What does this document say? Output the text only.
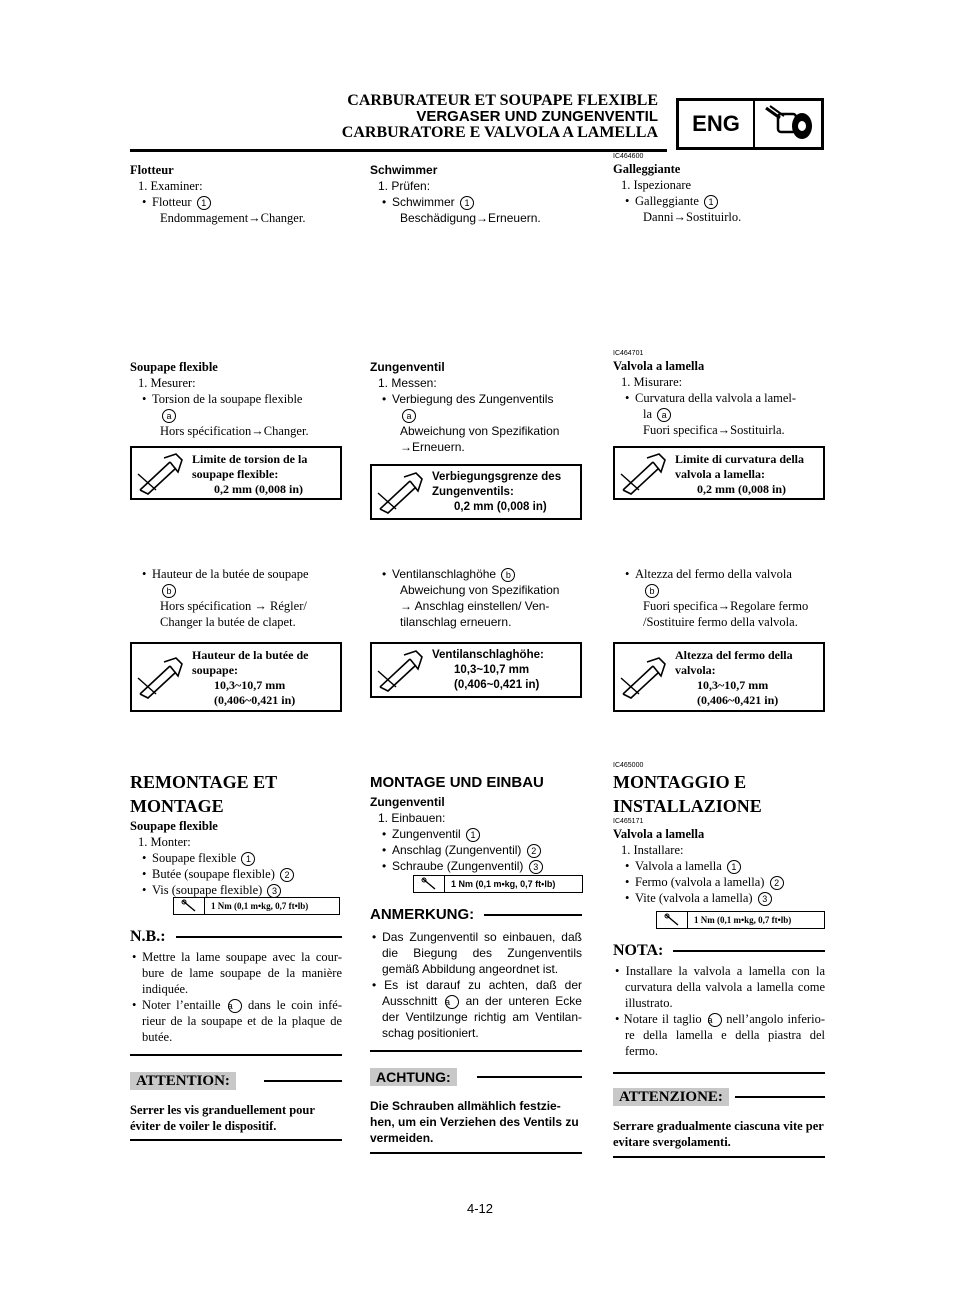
CARBURATEUR ET SOUPAPE FLEXIBLE
VERGASER UND ZUNGENVENTIL
CARBURATORE E VALVOLA A LAMELLA	ENG
Flotteur
1. Examiner:
• Flotteur 1
Endommagement→Changer.
Soupape flexible
1. Mesurer:
• Torsion de la soupape flexible
a
Hors spécification→Changer.
Limite de torsion de la
soupape flexible:
0,2 mm (0,008 in)
• Hauteur de la butée de soupape
b
Hors spécification → Régler/
Changer la butée de clapet.
Hauteur de la butée de
soupape:
10,3~10,7 mm
(0,406~0,421 in)
REMONTAGE ET
MONTAGE
Soupape flexible
1. Monter:
• Soupape flexible 1
• Butée (soupape flexible) 2
• Vis (soupape flexible) 3
1 Nm (0,1 m•kg, 0,7 ft•lb)
N.B.:
• Mettre la lame soupape avec la cour-bure de lame soupape de la manière indiquée.
• Noter l’entaille a dans le coin infé-rieur de la soupape et de la plaque de butée.
ATTENTION:
Serrer les vis granduellement pour éviter de voiler le dispositif.
Schwimmer
1. Prüfen:
• Schwimmer 1
Beschädigung→Erneuern.
Zungenventil
1. Messen:
• Verbiegung des Zungenventils
a
Abweichung von Spezifikation
→Erneuern.
Verbiegungsgrenze des
Zungenventils:
0,2 mm (0,008 in)
• Ventilanschlaghöhe b
Abweichung von Spezifikation
→ Anschlag einstellen/ Ven-
tilanschlag erneuern.
Ventilanschlaghöhe:
10,3~10,7 mm
(0,406~0,421 in)
MONTAGE UND EINBAU
Zungenventil
1. Einbauen:
• Zungenventil 1
• Anschlag (Zungenventil) 2
• Schraube (Zungenventil) 3
1 Nm (0,1 m•kg, 0,7 ft•lb)
ANMERKUNG:
• Das Zungenventil so einbauen, daß die Biegung des Zungenventils gemäß Abbildung angeordnet ist.
• Es ist darauf zu achten, daß der Ausschnitt a an der unteren Ecke der Ventilzunge richtig am Ventilan-schag positioniert.
ACHTUNG:
Die Schrauben allmählich festzie-hen, um ein Verziehen des Ventils zu vermeiden.
IC464600
Galleggiante
1. Ispezionare
• Galleggiante 1
Danni→Sostituirlo.
IC464701
Valvola a lamella
1. Misurare:
• Curvatura della valvola a lamel-
la a
Fuori specifica→Sostituirla.
Limite di curvatura della
valvola a lamella:
0,2 mm (0,008 in)
• Altezza del fermo della valvola
b
Fuori specifica→Regolare fermo
/Sostituire fermo della valvola.
Altezza del fermo della
valvola:
10,3~10,7 mm
(0,406~0,421 in)
IC465000
MONTAGGIO E
INSTALLAZIONE
IC465171
Valvola a lamella
1. Installare:
• Valvola a lamella 1
• Fermo (valvola a lamella) 2
• Vite (valvola a lamella) 3
1 Nm (0,1 m•kg, 0,7 ft•lb)
NOTA:
• Installare la valvola a lamella con la curvatura della valvola a lamella come illustrato.
• Notare il taglio a nell’angolo inferio-re della lamella e della piastra del fermo.
ATTENZIONE:
Serrare gradualmente ciascuna vite per evitare svergolamenti.
4-12
